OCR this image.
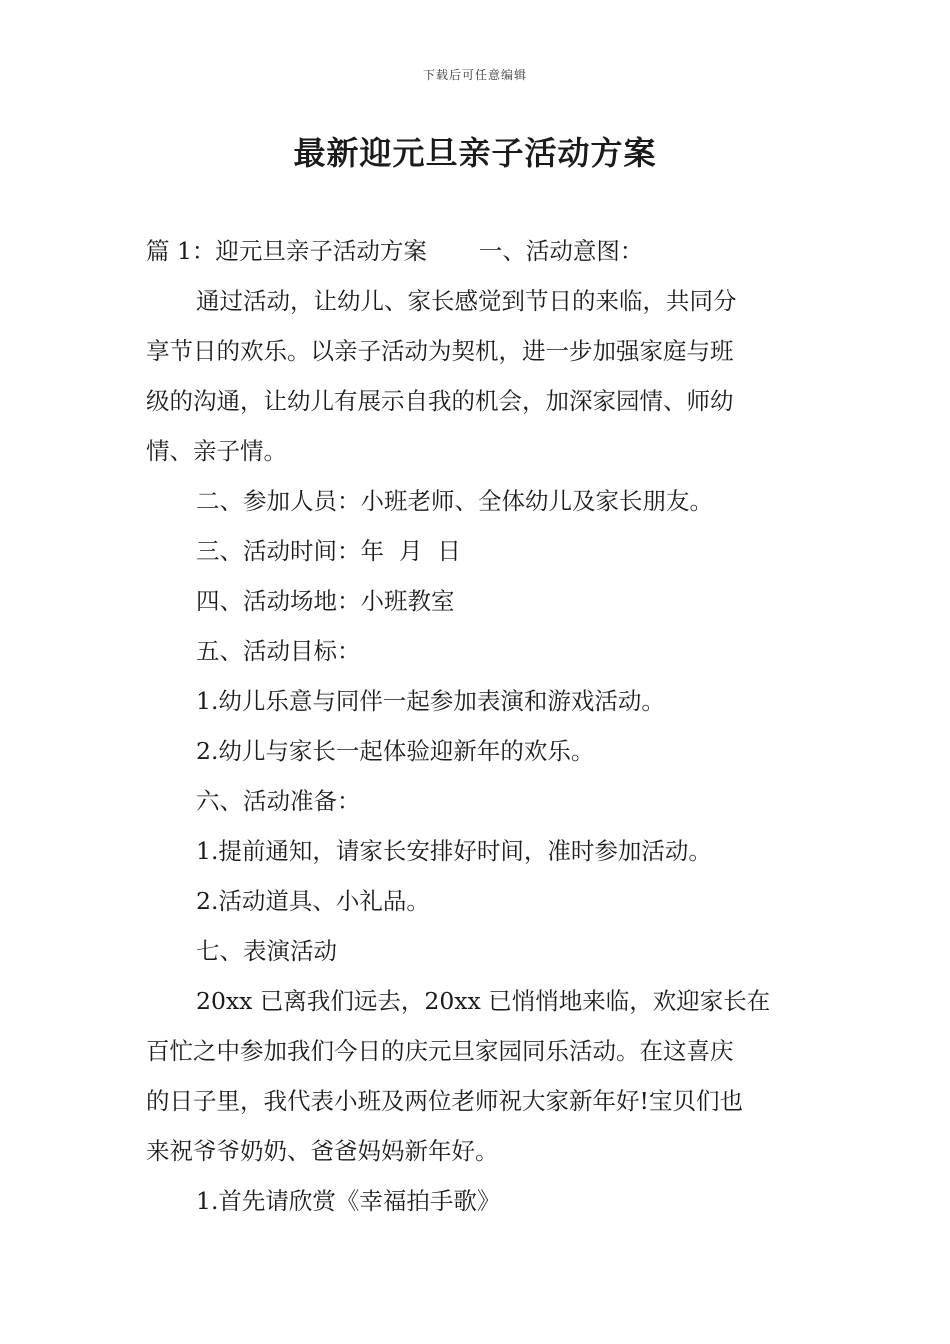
下载后可任意编辑
最新迎元旦亲子活动方案

篇 1：迎元旦亲子活动方案 一、活动意图：

通过活动，让幼儿、家长感觉到节日的来临，共同分

享节日的欢乐。以亲子活动为契机，进一步加强家庭与班

级的沟通，让幼儿有展示自我的机会，加深家园情、师幼

情、亲子情。

二、参加人员：小班老师、全体幼儿及家长朋友。

三、活动时间：年  月  日

四、活动场地：小班教室

五、活动目标：

1.幼儿乐意与同伴一起参加表演和游戏活动。

2.幼儿与家长一起体验迎新年的欢乐。

六、活动准备：

1.提前通知，请家长安排好时间，准时参加活动。

2.活动道具、小礼品。

七、表演活动

20xx 已离我们远去，20xx 已悄悄地来临，欢迎家长在

百忙之中参加我们今日的庆元旦家园同乐活动。在这喜庆

的日子里，我代表小班及两位老师祝大家新年好!宝贝们也

来祝爷爷奶奶、爸爸妈妈新年好。

1.首先请欣赏《幸福拍手歌》
